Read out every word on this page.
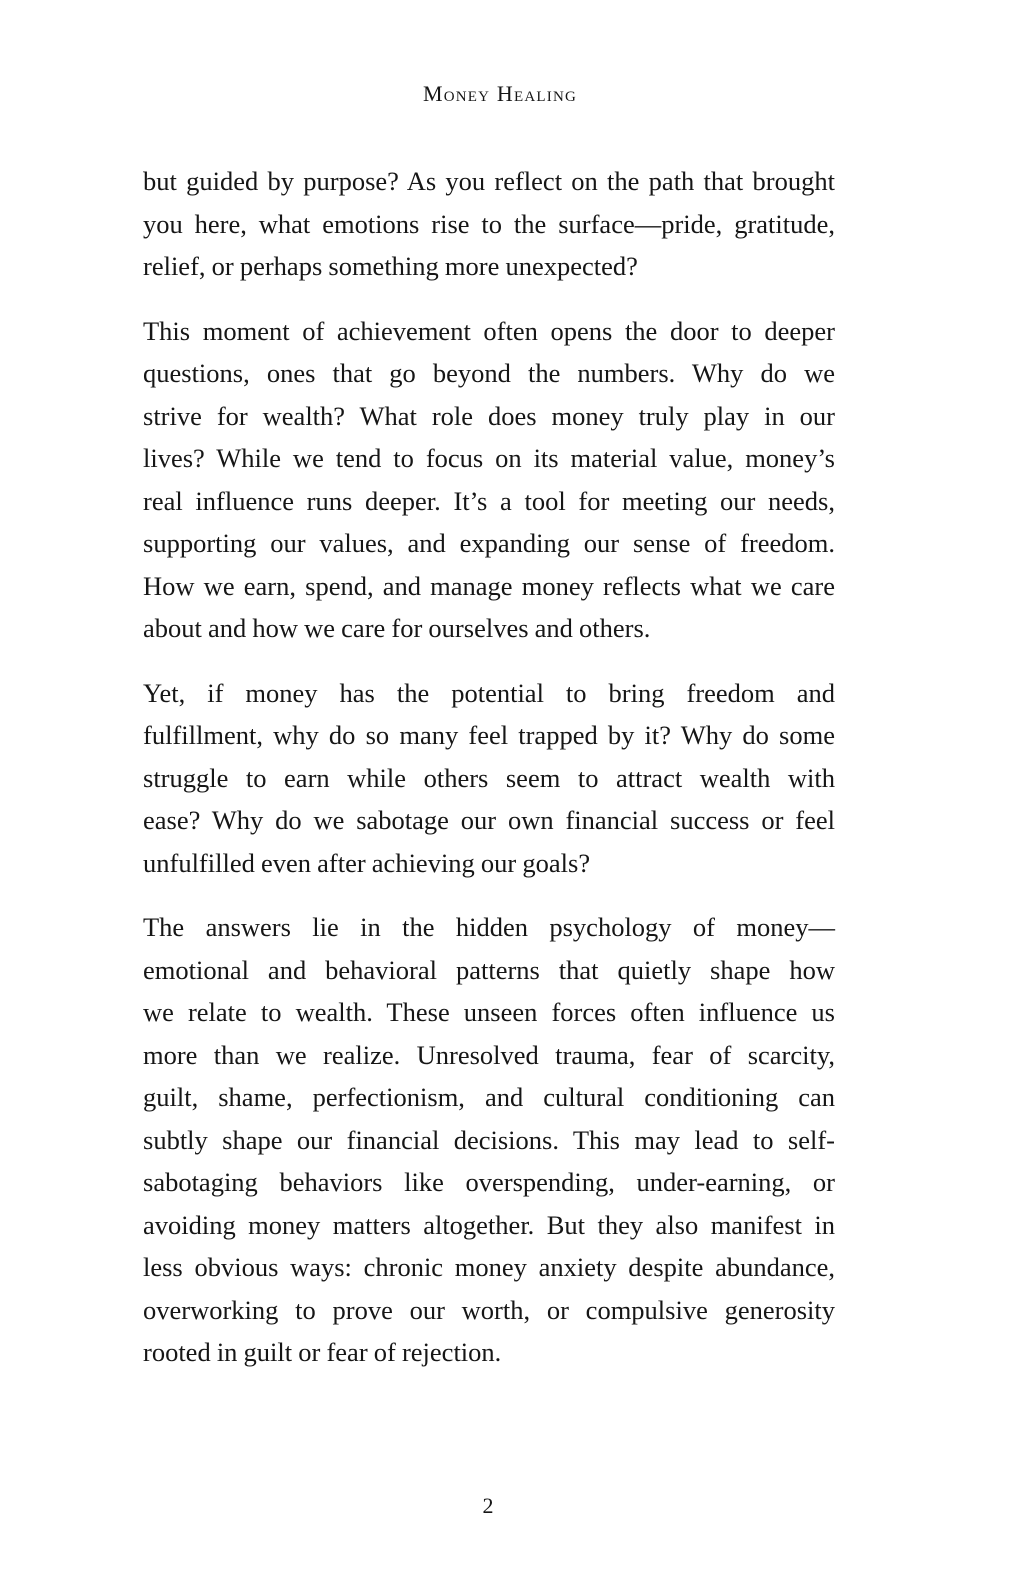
Money Healing

but guided by purpose? As you reflect on the path that brought
you here, what emotions rise to the surface—pride, gratitude,
relief, or perhaps something more unexpected?

This moment of achievement often opens the door to deeper
questions, ones that go beyond the numbers. Why do we
strive for wealth? What role does money truly play in our
lives? While we tend to focus on its material value, money’s
real influence runs deeper. It’s a tool for meeting our needs,
supporting our values, and expanding our sense of freedom.
How we earn, spend, and manage money reflects what we care
about and how we care for ourselves and others.

Yet, if money has the potential to bring freedom and
fulfillment, why do so many feel trapped by it? Why do some
struggle to earn while others seem to attract wealth with
ease? Why do we sabotage our own financial success or feel
unfulfilled even after achieving our goals?

The answers lie in the hidden psychology of money—
emotional and behavioral patterns that quietly shape how
we relate to wealth. These unseen forces often influence us
more than we realize. Unresolved trauma, fear of scarcity,
guilt, shame, perfectionism, and cultural conditioning can
subtly shape our financial decisions. This may lead to self-
sabotaging behaviors like overspending, under-earning, or
avoiding money matters altogether. But they also manifest in
less obvious ways: chronic money anxiety despite abundance,
overworking to prove our worth, or compulsive generosity
rooted in guilt or fear of rejection.

2
